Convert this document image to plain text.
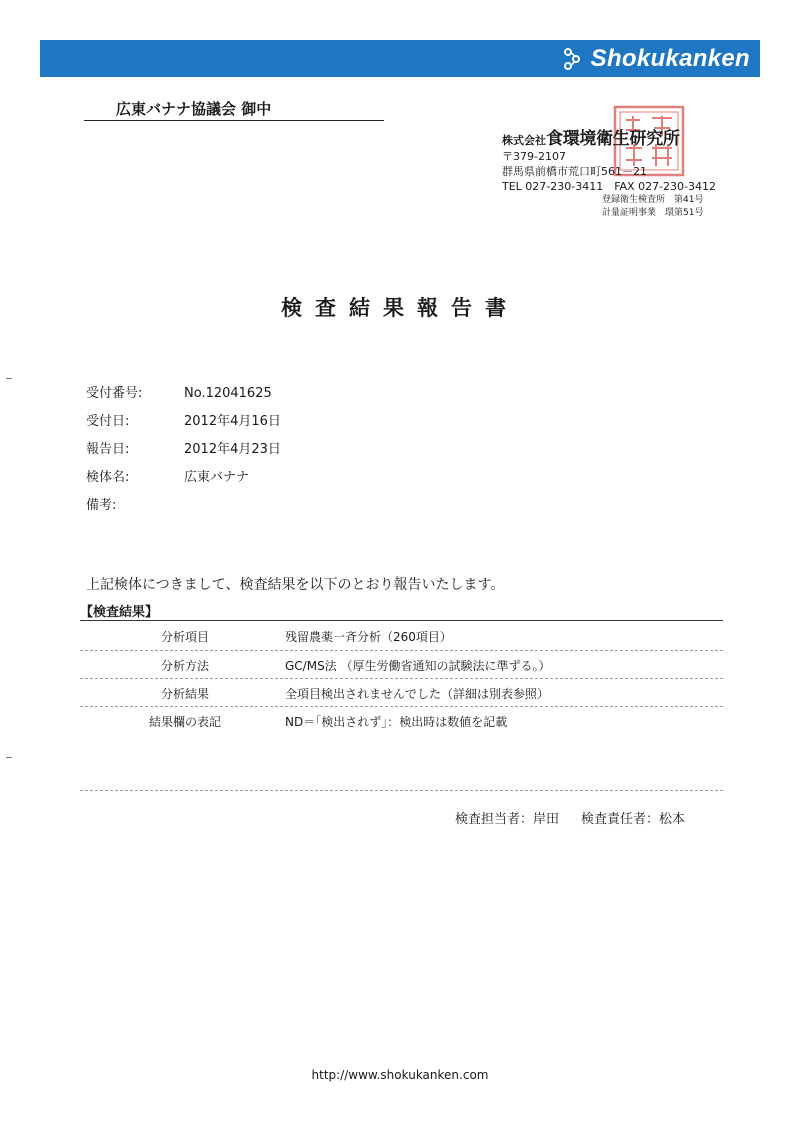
Shokukanken
広東バナナ協議会 御中
株式会社食環境衛生研究所
〒379-2107
群馬県前橋市荒口町561－21
TEL 027-230-3411　FAX 027-230-3412
登録衛生検査所　第41号
計量証明事業　環第51号
検査結果報告書
受付番号:	No.12041625
受付日:	2012年4月16日
報告日:	2012年4月23日
検体名:	広東バナナ
備考:
上記検体につきまして、検査結果を以下のとおり報告いたします。
【検査結果】
分析項目	残留農薬一斉分析（260項目）
分析方法	GC/MS法 （厚生労働省通知の試験法に準ずる。）
分析結果	全項目検出されませんでした（詳細は別表参照）
結果欄の表記	ND＝｢検出されず｣：検出時は数値を記載
検査担当者：岸田 検査責任者：松本
http://www.shokukanken.com
